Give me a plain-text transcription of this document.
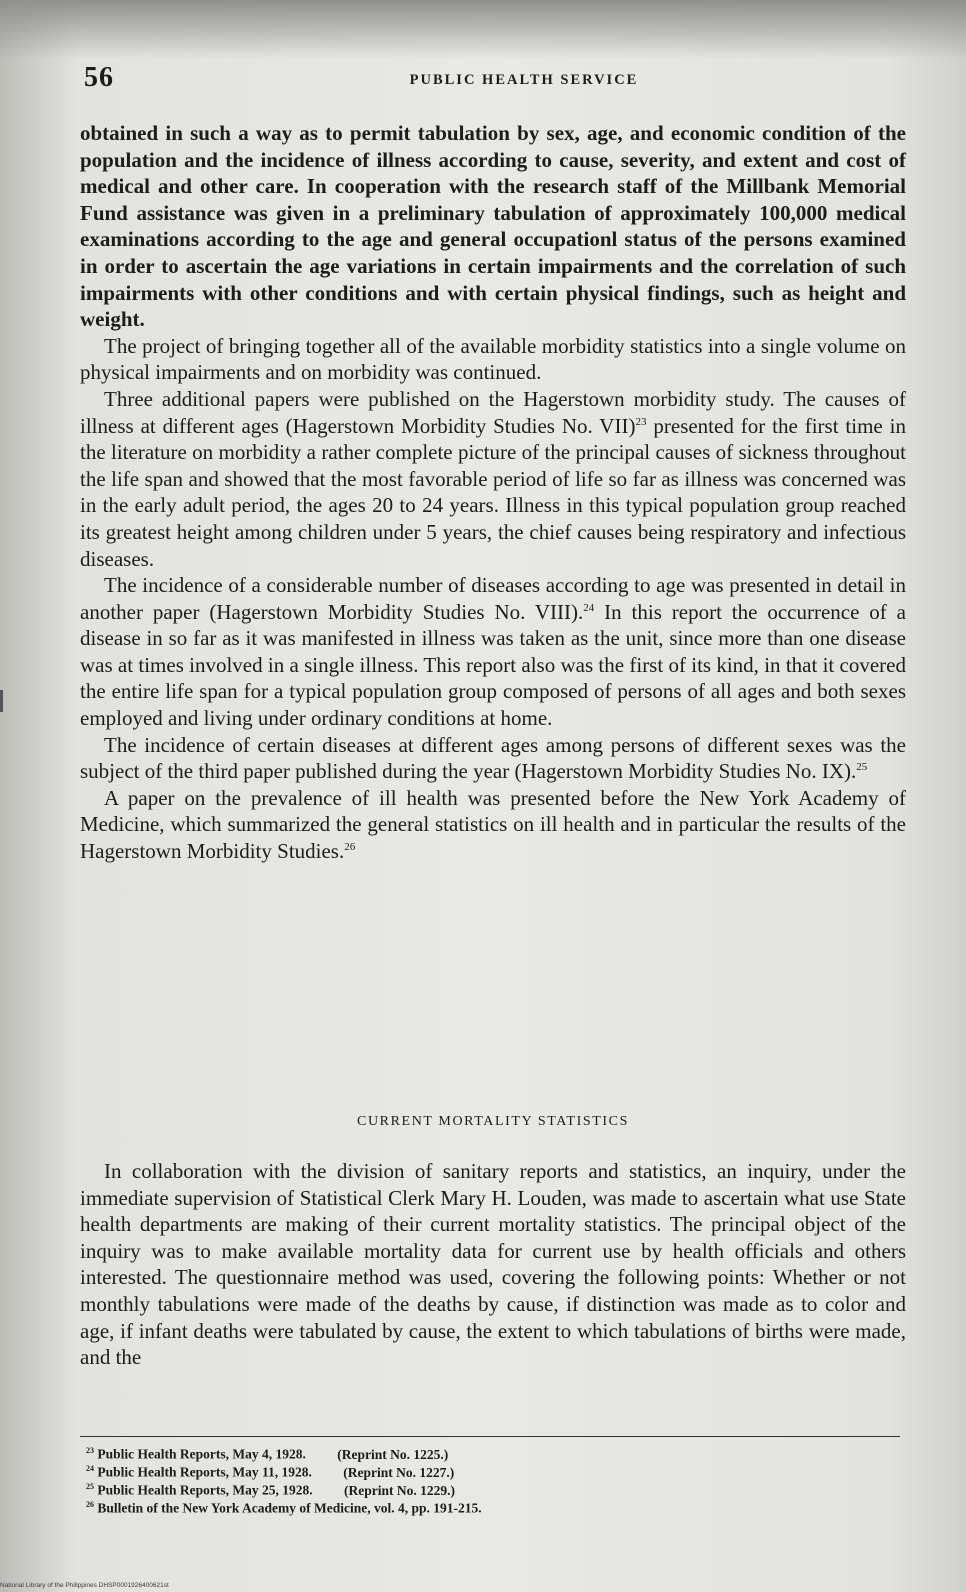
56	PUBLIC HEALTH SERVICE

obtained in such a way as to permit tabulation by sex, age, and economic condition of the population and the incidence of illness according to cause, severity, and extent and cost of medical and other care. In cooperation with the research staff of the Millbank Memorial Fund assistance was given in a preliminary tabulation of approximately 100,000 medical examinations according to the age and general occupationl status of the persons examined in order to ascertain the age variations in certain impairments and the correlation of such impairments with other conditions and with certain physical findings, such as height and weight.

The project of bringing together all of the available morbidity statistics into a single volume on physical impairments and on morbidity was continued.

Three additional papers were published on the Hagerstown morbidity study. The causes of illness at different ages (Hagerstown Morbidity Studies No. VII)$^{23}$ presented for the first time in the literature on morbidity a rather complete picture of the principal causes of sickness throughout the life span and showed that the most favorable period of life so far as illness was concerned was in the early adult period, the ages 20 to 24 years. Illness in this typical population group reached its greatest height among children under 5 years, the chief causes being respiratory and infectious diseases.

The incidence of a considerable number of diseases according to age was presented in detail in another paper (Hagerstown Morbidity Studies No. VIII).$^{24}$ In this report the occurrence of a disease in so far as it was manifested in illness was taken as the unit, since more than one disease was at times involved in a single illness. This report also was the first of its kind, in that it covered the entire life span for a typical population group composed of persons of all ages and both sexes employed and living under ordinary conditions at home.

The incidence of certain diseases at different ages among persons of different sexes was the subject of the third paper published during the year (Hagerstown Morbidity Studies No. IX).$^{25}$

A paper on the prevalence of ill health was presented before the New York Academy of Medicine, which summarized the general statistics on ill health and in particular the results of the Hagerstown Morbidity Studies.$^{26}$

CURRENT MORTALITY STATISTICS

In collaboration with the division of sanitary reports and statistics, an inquiry, under the immediate supervision of Statistical Clerk Mary H. Louden, was made to ascertain what use State health departments are making of their current mortality statistics. The principal object of the inquiry was to make available mortality data for current use by health officials and others interested. The questionnaire method was used, covering the following points: Whether or not monthly tabulations were made of the deaths by cause, if distinction was made as to color and age, if infant deaths were tabulated by cause, the extent to which tabulations of births were made, and the

$^{23}$ Public Health Reports, May 4, 1928. (Reprint No. 1225.)
$^{24}$ Public Health Reports, May 11, 1928. (Reprint No. 1227.)
$^{25}$ Public Health Reports, May 25, 1928. (Reprint No. 1229.)
$^{26}$ Bulletin of the New York Academy of Medicine, vol. 4, pp. 191-215.
National Library of the Philippines DHSP0001926400621st
